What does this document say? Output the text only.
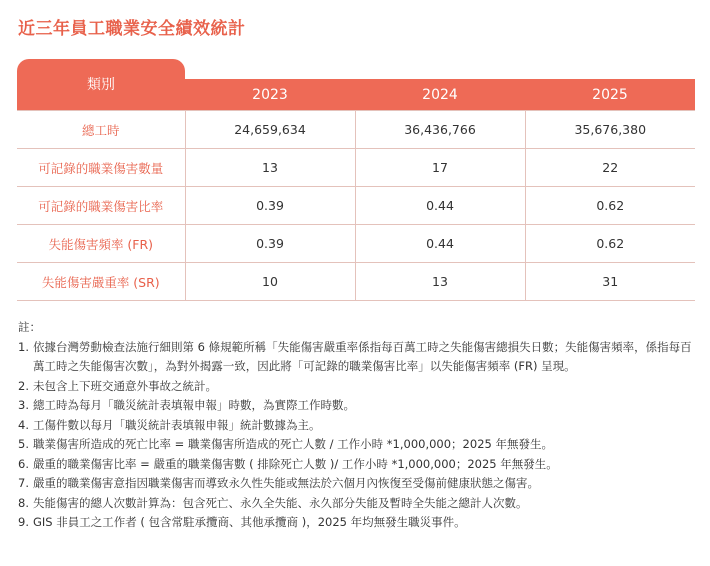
近三年員工職業安全績效統計
類別	2023	2024	2025

總工時	24,659,634	36,436,766	35,676,380
可記錄的職業傷害數量	13	17	22
可記錄的職業傷害比率	0.39	0.44	0.62
失能傷害頻率 (FR)	0.39	0.44	0.62
失能傷害嚴重率 (SR)	10	13	31
註：
1. 依據台灣勞動檢查法施行細則第 6 條規範所稱「失能傷害嚴重率係指每百萬工時之失能傷害總損失日數；失能傷害頻率，係指每百萬工時之失能傷害次數」，為對外揭露一致，因此將「可記錄的職業傷害比率」以失能傷害頻率 (FR) 呈現。
2. 未包含上下班交通意外事故之統計。
3. 總工時為每月「職災統計表填報申報」時數，為實際工作時數。
4. 工傷件數以每月「職災統計表填報申報」統計數據為主。
5. 職業傷害所造成的死亡比率 = 職業傷害所造成的死亡人數 / 工作小時 *1,000,000；2025 年無發生。
6. 嚴重的職業傷害比率 = 嚴重的職業傷害數 ( 排除死亡人數 )/ 工作小時 *1,000,000；2025 年無發生。
7. 嚴重的職業傷害意指因職業傷害而導致永久性失能或無法於六個月內恢復至受傷前健康狀態之傷害。
8. 失能傷害的總人次數計算為：包含死亡、永久全失能、永久部分失能及暫時全失能之總計人次數。
9. GIS 非員工之工作者 ( 包含常駐承攬商、其他承攬商 )，2025 年均無發生職災事件。
